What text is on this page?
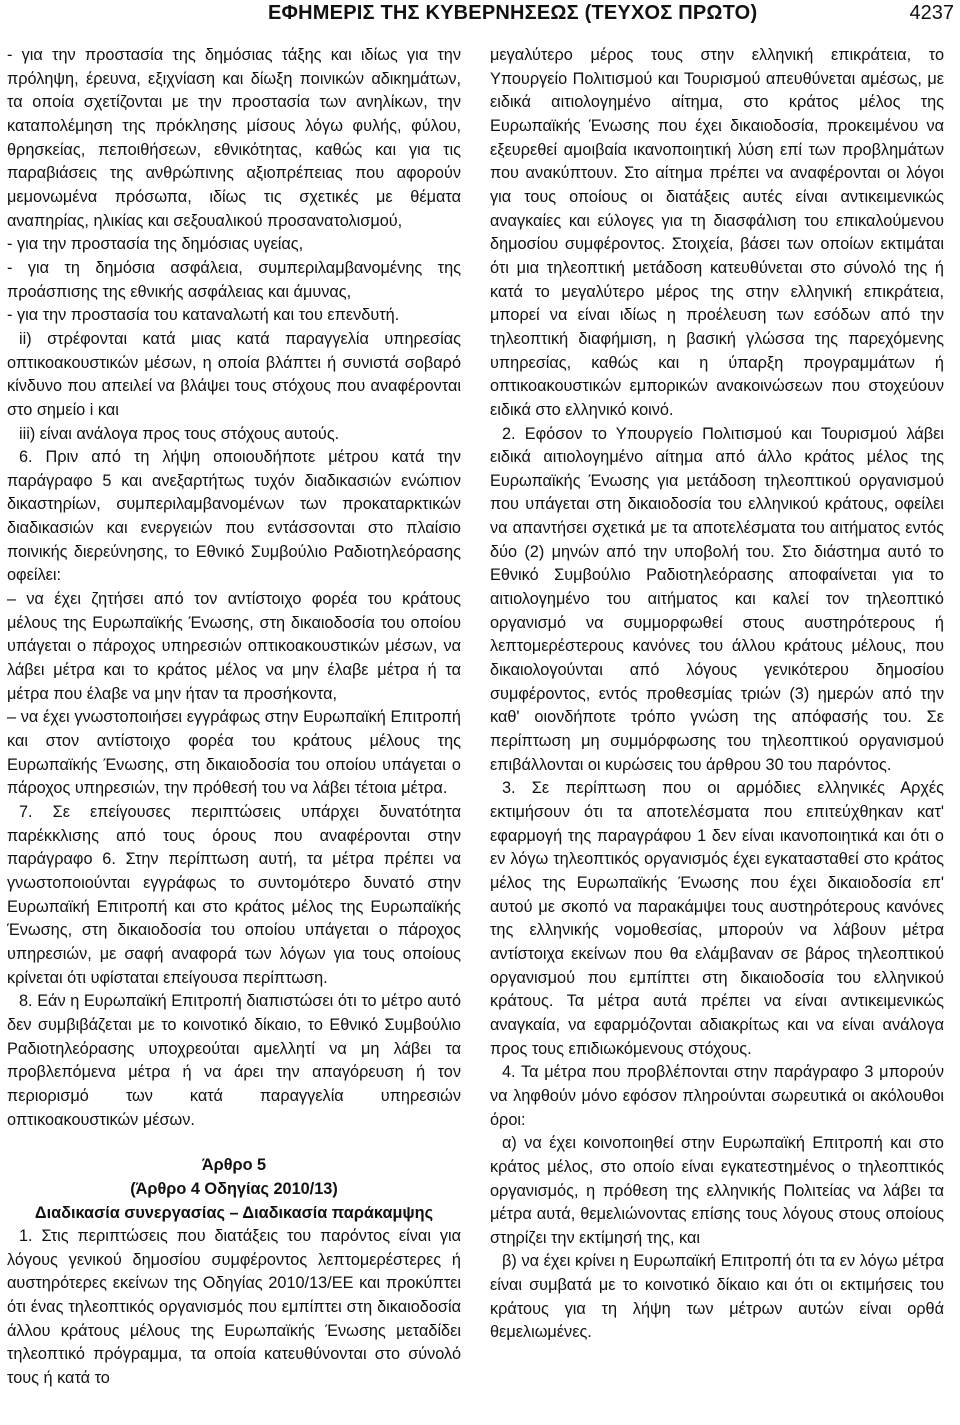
ΕΦΗΜΕΡΙΣ ΤΗΣ ΚΥΒΕΡΝΗΣΕΩΣ (ΤΕΥΧΟΣ ΠΡΩΤΟ)	4237

- για την προστασία της δημόσιας τάξης και ιδίως για την πρόληψη, έρευνα, εξιχνίαση και δίωξη ποινικών αδικημάτων, τα οποία σχετίζονται με την προστασία των ανηλίκων, την καταπολέμηση της πρόκλησης μίσους λόγω φυλής, φύλου, θρησκείας, πεποιθήσεων, εθνικότητας, καθώς και για τις παραβιάσεις της ανθρώπινης αξιοπρέπειας που αφορούν μεμονωμένα πρόσωπα, ιδίως τις σχετικές με θέματα αναπηρίας, ηλικίας και σεξουαλικού προσανατολισμού,

- για την προστασία της δημόσιας υγείας,

- για τη δημόσια ασφάλεια, συμπεριλαμβανομένης της προάσπισης της εθνικής ασφάλειας και άμυνας,

- για την προστασία του καταναλωτή και του επενδυτή.

ii) στρέφονται κατά μιας κατά παραγγελία υπηρεσίας οπτικοακουστικών μέσων, η οποία βλάπτει ή συνιστά σοβαρό κίνδυνο που απειλεί να βλάψει τους στόχους που αναφέρονται στο σημείο i και

iii) είναι ανάλογα προς τους στόχους αυτούς.

6. Πριν από τη λήψη οποιουδήποτε μέτρου κατά την παράγραφο 5 και ανεξαρτήτως τυχόν διαδικασιών ενώπιον δικαστηρίων, συμπεριλαμβανομένων των προκαταρκτικών διαδικασιών και ενεργειών που εντάσσονται στο πλαίσιο ποινικής διερεύνησης, το Εθνικό Συμβούλιο Ραδιοτηλεόρασης οφείλει:

– να έχει ζητήσει από τον αντίστοιχο φορέα του κράτους μέλους της Ευρωπαϊκής Ένωσης, στη δικαιοδοσία του οποίου υπάγεται ο πάροχος υπηρεσιών οπτικοακουστικών μέσων, να λάβει μέτρα και το κράτος μέλος να μην έλαβε μέτρα ή τα μέτρα που έλαβε να μην ήταν τα προσήκοντα,

– να έχει γνωστοποιήσει εγγράφως στην Ευρωπαϊκή Επιτροπή και στον αντίστοιχο φορέα του κράτους μέλους της Ευρωπαϊκής Ένωσης, στη δικαιοδοσία του οποίου υπάγεται ο πάροχος υπηρεσιών, την πρόθεσή του να λάβει τέτοια μέτρα.

7. Σε επείγουσες περιπτώσεις υπάρχει δυνατότητα παρέκκλισης από τους όρους που αναφέρονται στην παράγραφο 6. Στην περίπτωση αυτή, τα μέτρα πρέπει να γνωστοποιούνται εγγράφως το συντομότερο δυνατό στην Ευρωπαϊκή Επιτροπή και στο κράτος μέλος της Ευρωπαϊκής Ένωσης, στη δικαιοδοσία του οποίου υπάγεται ο πάροχος υπηρεσιών, με σαφή αναφορά των λόγων για τους οποίους κρίνεται ότι υφίσταται επείγουσα περίπτωση.

8. Εάν η Ευρωπαϊκή Επιτροπή διαπιστώσει ότι το μέτρο αυτό δεν συμβιβάζεται με το κοινοτικό δίκαιο, το Εθνικό Συμβούλιο Ραδιοτηλεόρασης υποχρεούται αμελλητί να μη λάβει τα προβλεπόμενα μέτρα ή να άρει την απαγόρευση ή τον περιορισμό των κατά παραγγελία υπηρεσιών οπτικοακουστικών μέσων.

Άρθρο 5

(Άρθρο 4 Οδηγίας 2010/13)

Διαδικασία συνεργασίας – Διαδικασία παράκαμψης

1. Στις περιπτώσεις που διατάξεις του παρόντος είναι για λόγους γενικού δημοσίου συμφέροντος λεπτομερέστερες ή αυστηρότερες εκείνων της Οδηγίας 2010/13/ΕΕ και προκύπτει ότι ένας τηλεοπτικός οργανισμός που εμπίπτει στη δικαιοδοσία άλλου κράτους μέλους της Ευρωπαϊκής Ένωσης μεταδίδει τηλεοπτικό πρόγραμμα, τα οποία κατευθύνονται στο σύνολό τους ή κατά το

μεγαλύτερο μέρος τους στην ελληνική επικράτεια, το Υπουργείο Πολιτισμού και Τουρισμού απευθύνεται αμέσως, με ειδικά αιτιολογημένο αίτημα, στο κράτος μέλος της Ευρωπαϊκής Ένωσης που έχει δικαιοδοσία, προκειμένου να εξευρεθεί αμοιβαία ικανοποιητική λύση επί των προβλημάτων που ανακύπτουν. Στο αίτημα πρέπει να αναφέρονται οι λόγοι για τους οποίους οι διατάξεις αυτές είναι αντικειμενικώς αναγκαίες και εύλογες για τη διασφάλιση του επικαλούμενου δημοσίου συμφέροντος. Στοιχεία, βάσει των οποίων εκτιμάται ότι μια τηλεοπτική μετάδοση κατευθύνεται στο σύνολό της ή κατά το μεγαλύτερο μέρος της στην ελληνική επικράτεια, μπορεί να είναι ιδίως η προέλευση των εσόδων από την τηλεοπτική διαφήμιση, η βασική γλώσσα της παρεχόμενης υπηρεσίας, καθώς και η ύπαρξη προγραμμάτων ή οπτικοακουστικών εμπορικών ανακοινώσεων που στοχεύουν ειδικά στο ελληνικό κοινό.

2. Εφόσον το Υπουργείο Πολιτισμού και Τουρισμού λάβει ειδικά αιτιολογημένο αίτημα από άλλο κράτος μέλος της Ευρωπαϊκής Ένωσης για μετάδοση τηλεοπτικού οργανισμού που υπάγεται στη δικαιοδοσία του ελληνικού κράτους, οφείλει να απαντήσει σχετικά με τα αποτελέσματα του αιτήματος εντός δύο (2) μηνών από την υποβολή του. Στο διάστημα αυτό το Εθνικό Συμβούλιο Ραδιοτηλεόρασης αποφαίνεται για το αιτιολογημένο του αιτήματος και καλεί τον τηλεοπτικό οργανισμό να συμμορφωθεί στους αυστηρότερους ή λεπτομερέστερους κανόνες του άλλου κράτους μέλους, που δικαιολογούνται από λόγους γενικότερου δημοσίου συμφέροντος, εντός προθεσμίας τριών (3) ημερών από την καθ' οιονδήποτε τρόπο γνώση της απόφασής του. Σε περίπτωση μη συμμόρφωσης του τηλεοπτικού οργανισμού επιβάλλονται οι κυρώσεις του άρθρου 30 του παρόντος.

3. Σε περίπτωση που οι αρμόδιες ελληνικές Αρχές εκτιμήσουν ότι τα αποτελέσματα που επιτεύχθηκαν κατ' εφαρμογή της παραγράφου 1 δεν είναι ικανοποιητικά και ότι ο εν λόγω τηλεοπτικός οργανισμός έχει εγκατασταθεί στο κράτος μέλος της Ευρωπαϊκής Ένωσης που έχει δικαιοδοσία επ' αυτού με σκοπό να παρακάμψει τους αυστηρότερους κανόνες της ελληνικής νομοθεσίας, μπορούν να λάβουν μέτρα αντίστοιχα εκείνων που θα ελάμβαναν σε βάρος τηλεοπτικού οργανισμού που εμπίπτει στη δικαιοδοσία του ελληνικού κράτους. Τα μέτρα αυτά πρέπει να είναι αντικειμενικώς αναγκαία, να εφαρμόζονται αδιακρίτως και να είναι ανάλογα προς τους επιδιωκόμενους στόχους.

4. Τα μέτρα που προβλέπονται στην παράγραφο 3 μπορούν να ληφθούν μόνο εφόσον πληρούνται σωρευτικά οι ακόλουθοι όροι:

α) να έχει κοινοποιηθεί στην Ευρωπαϊκή Επιτροπή και στο κράτος μέλος, στο οποίο είναι εγκατεστημένος ο τηλεοπτικός οργανισμός, η πρόθεση της ελληνικής Πολιτείας να λάβει τα μέτρα αυτά, θεμελιώνοντας επίσης τους λόγους στους οποίους στηρίζει την εκτίμησή της, και

β) να έχει κρίνει η Ευρωπαϊκή Επιτροπή ότι τα εν λόγω μέτρα είναι συμβατά με το κοινοτικό δίκαιο και ότι οι εκτιμήσεις του κράτους για τη λήψη των μέτρων αυτών είναι ορθά θεμελιωμένες.
